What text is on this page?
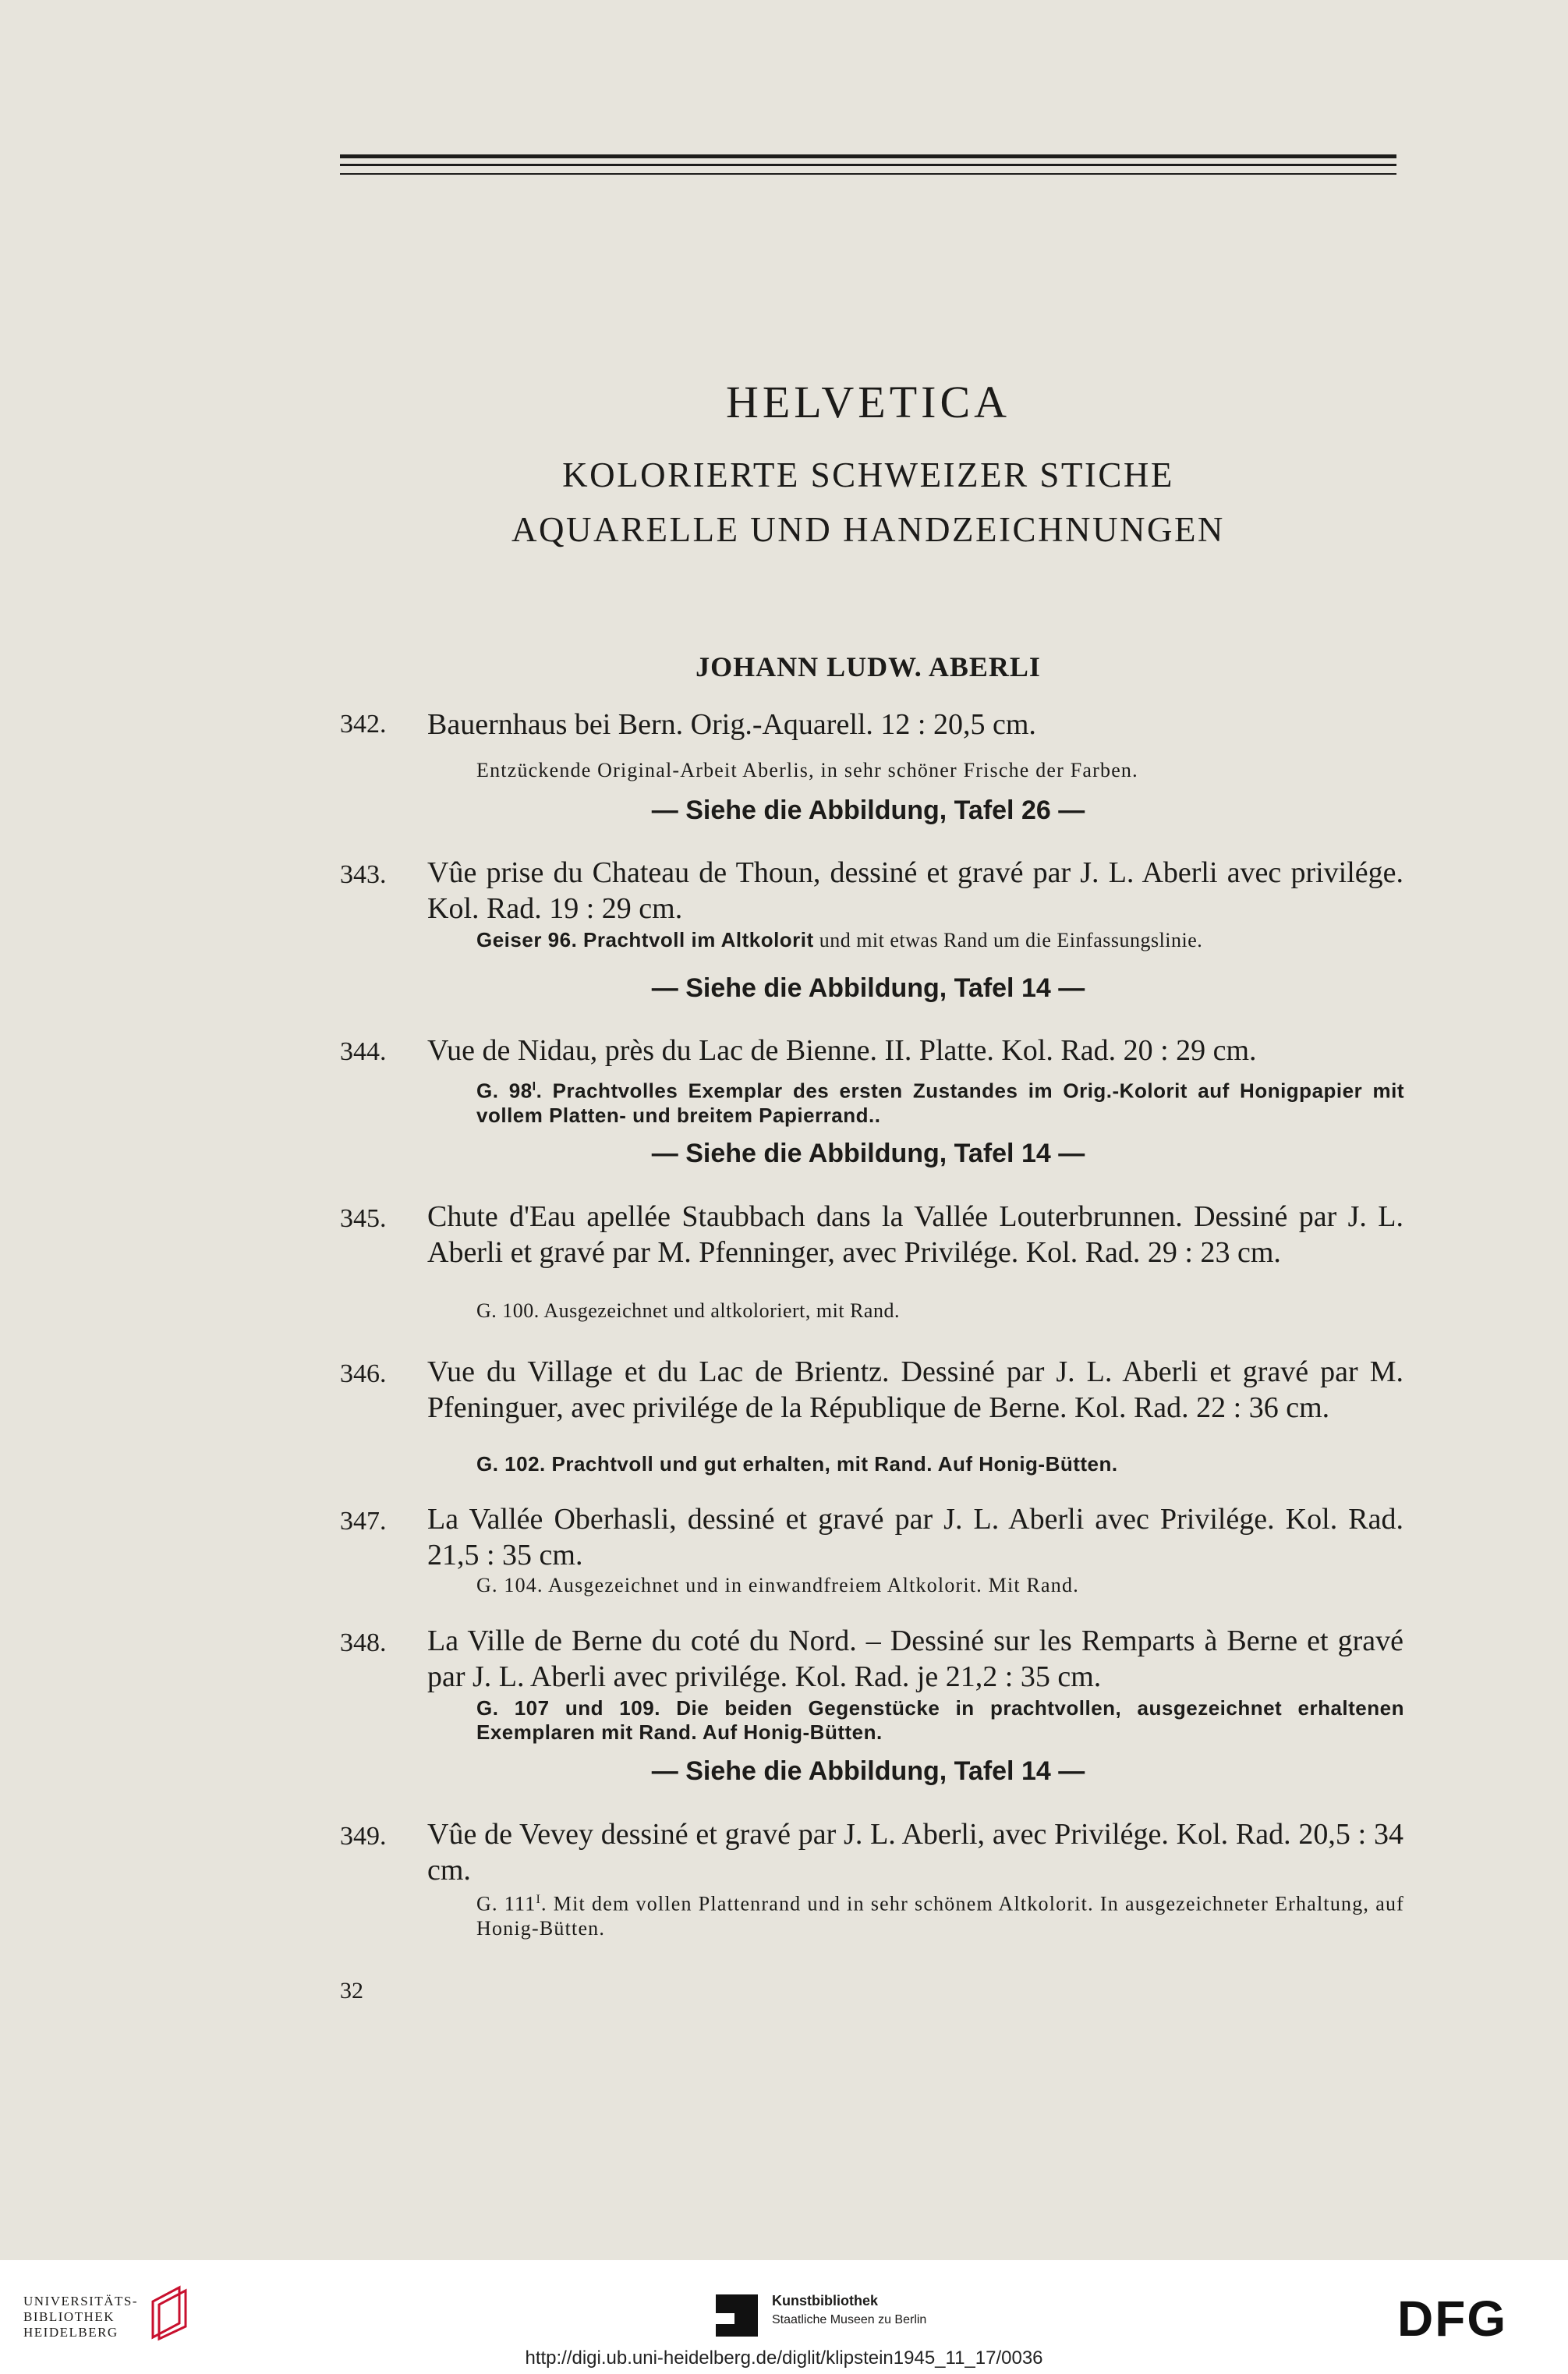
HELVETICA
KOLORIERTE SCHWEIZER STICHE
AQUARELLE UND HANDZEICHNUNGEN
JOHANN LUDW. ABERLI
342. Bauernhaus bei Bern. Orig.-Aquarell. 12 : 20,5 cm.
Entzückende Original-Arbeit Aberlis, in sehr schöner Frische der Farben.
— Siehe die Abbildung, Tafel 26 —
343. Vûe prise du Chateau de Thoun, dessiné et gravé par J. L. Aberli avec privilége. Kol. Rad. 19 : 29 cm.
Geiser 96. Prachtvoll im Altkolorit und mit etwas Rand um die Einfassungslinie.
— Siehe die Abbildung, Tafel 14 —
344. Vue de Nidau, près du Lac de Bienne. II. Platte. Kol. Rad. 20 : 29 cm.
G. $98^I$. Prachtvolles Exemplar des ersten Zustandes im Orig.-Kolorit auf Honigpapier mit vollem Platten- und breitem Papierrand..
— Siehe die Abbildung, Tafel 14 —
345. Chute d'Eau apellée Staubbach dans la Vallée Louterbrunnen. Dessiné par J. L. Aberli et gravé par M. Pfenninger, avec Privilége. Kol. Rad. 29 : 23 cm.
G. 100. Ausgezeichnet und altkoloriert, mit Rand.
346. Vue du Village et du Lac de Brientz. Dessiné par J. L. Aberli et gravé par M. Pfeninguer, avec privilége de la République de Berne. Kol. Rad. 22 : 36 cm.
G. 102. Prachtvoll und gut erhalten, mit Rand. Auf Honig-Bütten.
347. La Vallée Oberhasli, dessiné et gravé par J. L. Aberli avec Privilége. Kol. Rad. 21,5 : 35 cm.
G. 104. Ausgezeichnet und in einwandfreiem Altkolorit. Mit Rand.
348. La Ville de Berne du coté du Nord. – Dessiné sur les Remparts à Berne et gravé par J. L. Aberli avec privilége. Kol. Rad. je 21,2 : 35 cm.
G. 107 und 109. Die beiden Gegenstücke in prachtvollen, ausgezeichnet erhaltenen Exemplaren mit Rand. Auf Honig-Bütten.
— Siehe die Abbildung, Tafel 14 —
349. Vûe de Vevey dessiné et gravé par J. L. Aberli, avec Privilége. Kol. Rad. 20,5 : 34 cm.
G. $111^I$. Mit dem vollen Plattenrand und in sehr schönem Altkolorit. In ausgezeichneter Erhaltung, auf Honig-Bütten.
32
UNIVERSITÄTS-
BIBLIOTHEK
HEIDELBERG
Kunstbibliothek
Staatliche Museen zu Berlin	DFG
http://digi.ub.uni-heidelberg.de/diglit/klipstein1945_11_17/0036
